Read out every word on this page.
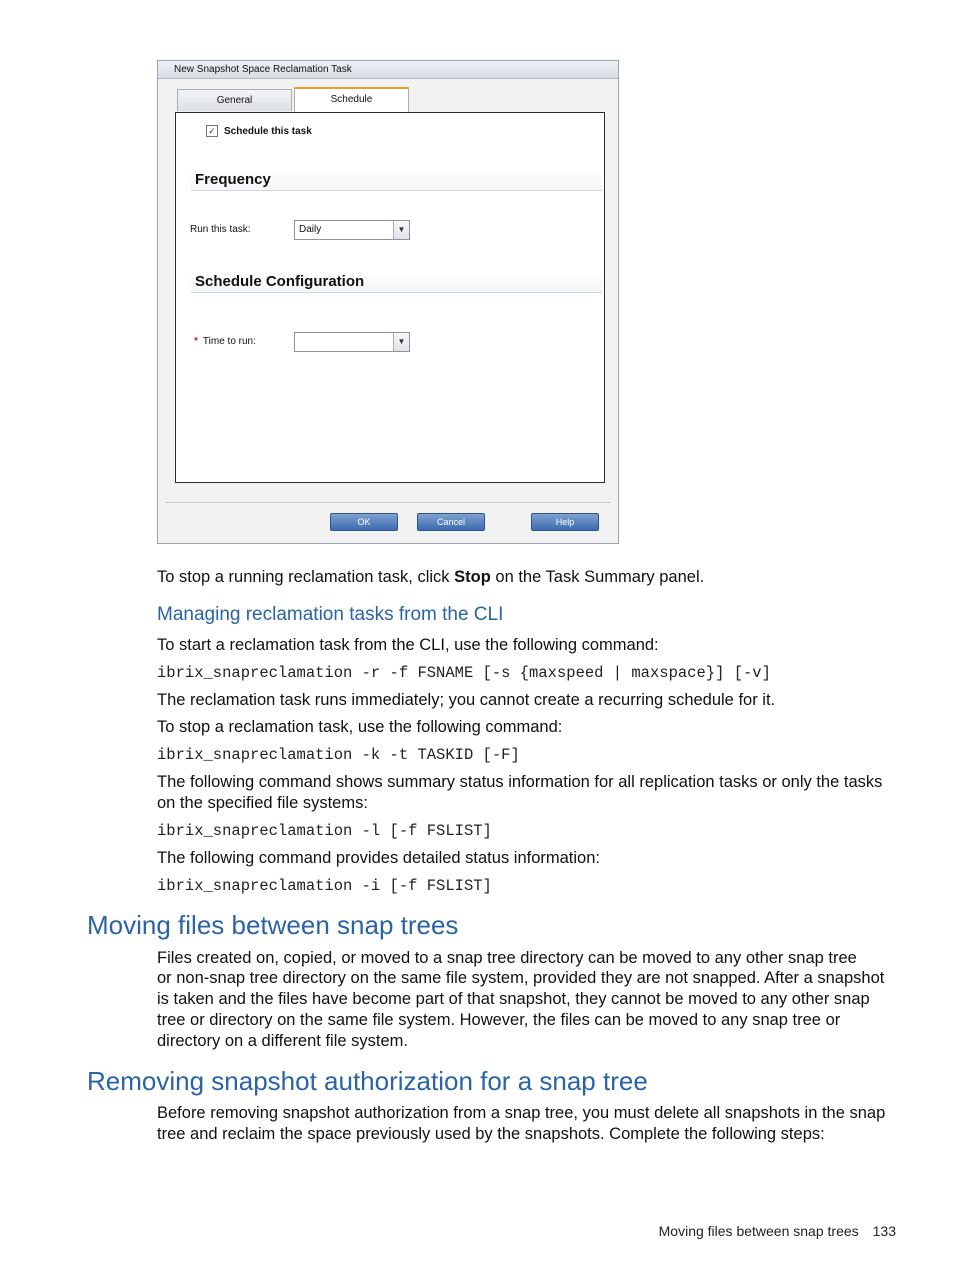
New Snapshot Space Reclamation Task
General	Schedule
✓ Schedule this task
Frequency
Run this task:	Daily	▼
Schedule Configuration
* Time to run:	▼
OK	Cancel	Help
To stop a running reclamation task, click Stop on the Task Summary panel.
Managing reclamation tasks from the CLI
To start a reclamation task from the CLI, use the following command:
ibrix_snapreclamation -r -f FSNAME [-s {maxspeed | maxspace}] [-v]
The reclamation task runs immediately; you cannot create a recurring schedule for it.
To stop a reclamation task, use the following command:
ibrix_snapreclamation -k -t TASKID [-F]
The following command shows summary status information for all replication tasks or only the tasks
on the specified file systems:
ibrix_snapreclamation -l [-f FSLIST]
The following command provides detailed status information:
ibrix_snapreclamation -i [-f FSLIST]
Moving files between snap trees
Files created on, copied, or moved to a snap tree directory can be moved to any other snap tree
or non-snap tree directory on the same file system, provided they are not snapped. After a snapshot
is taken and the files have become part of that snapshot, they cannot be moved to any other snap
tree or directory on the same file system. However, the files can be moved to any snap tree or
directory on a different file system.
Removing snapshot authorization for a snap tree
Before removing snapshot authorization from a snap tree, you must delete all snapshots in the snap
tree and reclaim the space previously used by the snapshots. Complete the following steps:
Moving files between snap trees 133
